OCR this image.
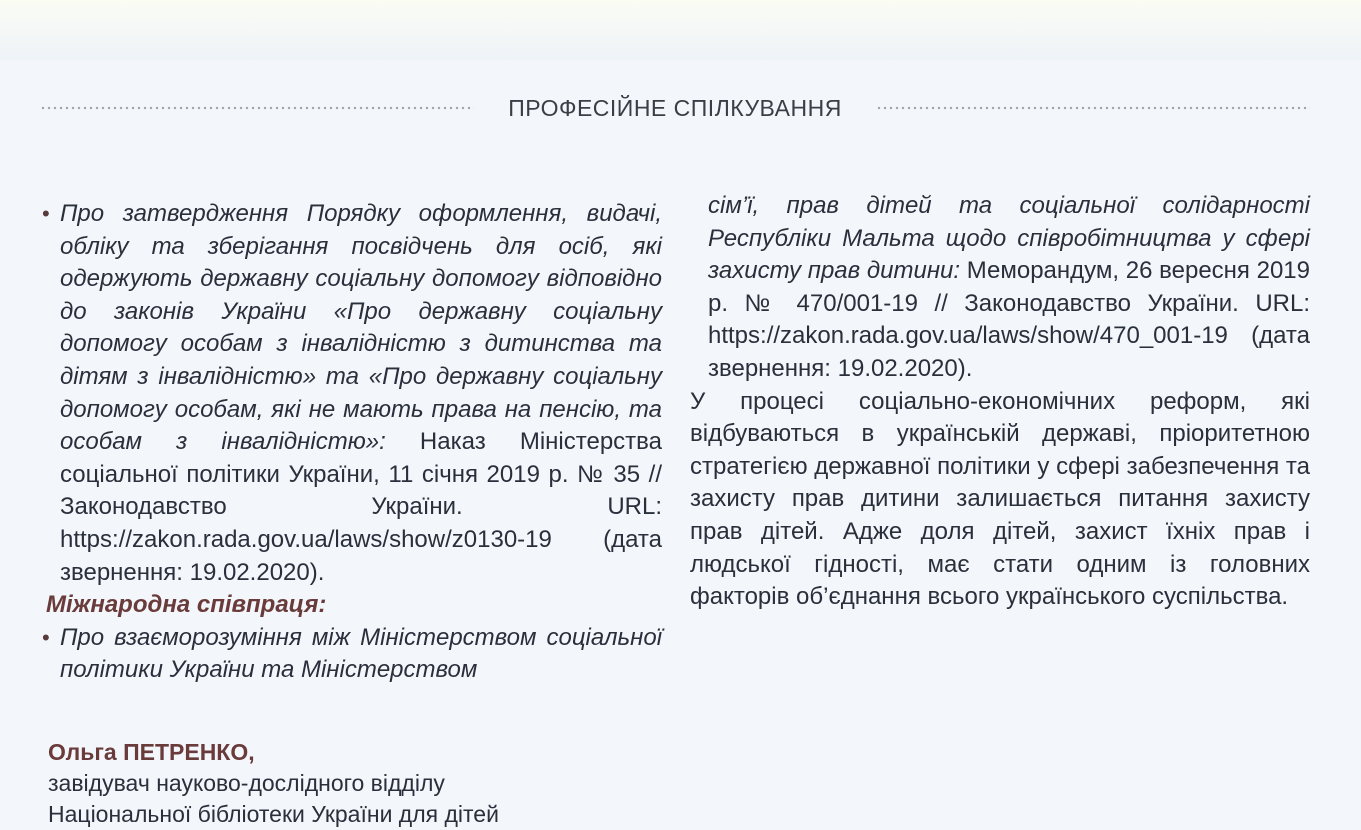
ПРОФЕСІЙНЕ СПІЛКУВАННЯ
• Про затвердження Порядку оформлення, видачі, обліку та зберігання посвідчень для осіб, які одержують державну соціальну допомогу відповідно до законів України «Про державну соціальну допомогу особам з інвалідністю з дитинства та дітям з інвалідністю» та «Про державну соціальну допомогу особам, які не мають права на пенсію, та особам з інвалідністю»: Наказ Міністерства соціальної політики України, 11 січня 2019 р. № 35 // Законодавство України. URL: https://zakon.rada.gov.ua/laws/show/z0130-19 (дата звернення: 19.02.2020).

Міжнародна співпраця:

• Про взаєморозуміння між Міністерством соціальної політики України та Міністерством
сім’ї, прав дітей та соціальної солідарності Республіки Мальта щодо співробітництва у сфері захисту прав дитини: Меморандум, 26 вересня 2019 р. № 470/001-19 // Законодавство України. URL: https://zakon.rada.gov.ua/laws/show/470_001-19 (дата звернення: 19.02.2020).

У процесі соціально-економічних реформ, які відбуваються в українській державі, пріоритетною стратегією державної політики у сфері забезпечення та захисту прав дитини залишається питання захисту прав дітей. Адже доля дітей, захист їхніх прав і людської гідності, має стати одним із головних факторів об’єднання всього українського суспільства.

Ольга ПЕТРЕНКО,

завідувач науково-дослідного відділу

Національної бібліотеки України для дітей
